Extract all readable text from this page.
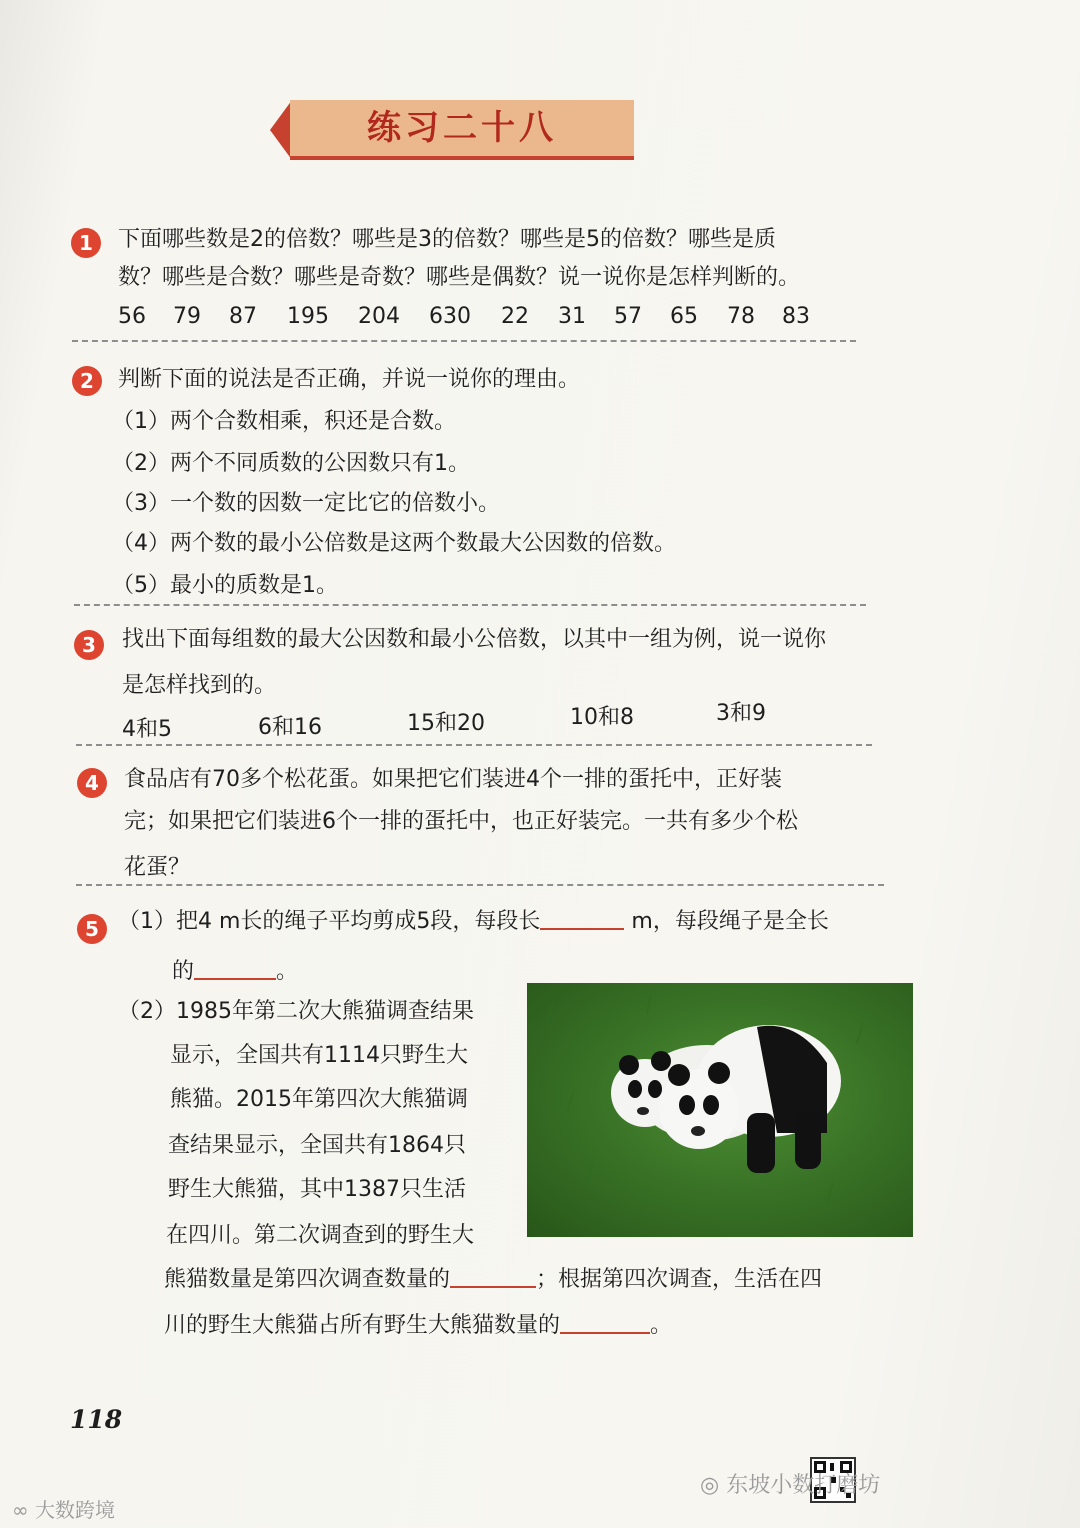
练习二十八
1	下面哪些数是2的倍数？哪些是3的倍数？哪些是5的倍数？哪些是质
数？哪些是合数？哪些是奇数？哪些是偶数？说一说你是怎样判断的。
56 79 87 195 204 630 22 31 57 65 78 83
2	判断下面的说法是否正确，并说一说你的理由。
（1）两个合数相乘，积还是合数。
（2）两个不同质数的公因数只有1。
（3）一个数的因数一定比它的倍数小。
（4）两个数的最小公倍数是这两个数最大公因数的倍数。
（5）最小的质数是1。
3	找出下面每组数的最大公因数和最小公倍数，以其中一组为例，说一说你
是怎样找到的。
4和5	6和16	15和20	10和8	3和9
4	食品店有70多个松花蛋。如果把它们装进4个一排的蛋托中，正好装
完；如果把它们装进6个一排的蛋托中，也正好装完。一共有多少个松
花蛋？
5 （1）把4 m长的绳子平均剪成5段，每段长	m，每段绳子是全长
的	。
（2）1985年第二次大熊猫调查结果
显示，全国共有1114只野生大
熊猫。2015年第四次大熊猫调
查结果显示，全国共有1864只
野生大熊猫，其中1387只生活
在四川。第二次调查到的野生大
熊猫数量是第四次调查数量的	；根据第四次调查，生活在四
川的野生大熊猫占所有野生大熊猫数量的	。
118
◎ 东坡小数打磨坊
∞ 大数跨境
